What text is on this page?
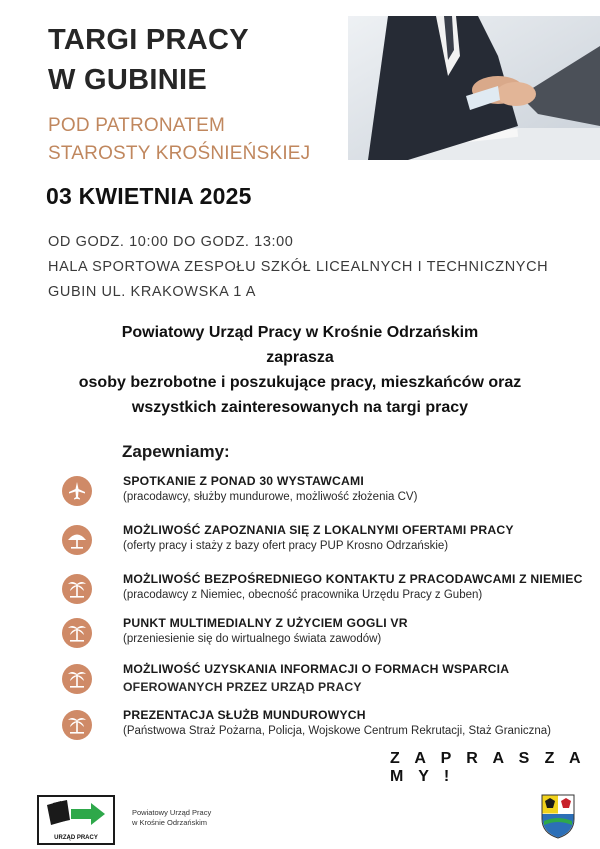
TARGI PRACY
W GUBINIE
POD PATRONATEM
STAROSTY KROŚNIEŃSKIEJ
03 KWIETNIA 2025
OD GODZ. 10:00 DO GODZ. 13:00
HALA SPORTOWA ZESPOŁU SZKÓŁ LICEALNYCH I TECHNICZNYCH
GUBIN UL. KRAKOWSKA 1 A
Powiatowy Urząd Pracy w Krośnie Odrzańskim
zaprasza
osoby bezrobotne i poszukujące pracy, mieszkańców oraz
wszystkich zainteresowanych na targi pracy
Zapewniamy:
SPOTKANIE Z PONAD 30 WYSTAWCAMI
(pracodawcy, służby mundurowe, możliwość złożenia CV)
MOŻLIWOŚĆ ZAPOZNANIA SIĘ Z LOKALNYMI OFERTAMI PRACY
(oferty pracy i staży z bazy ofert pracy PUP Krosno Odrzańskie)
MOŻLIWOŚĆ BEZPOŚREDNIEGO KONTAKTU Z PRACODAWCAMI Z NIEMIEC
(pracodawcy z Niemiec, obecność pracownika Urzędu Pracy z Guben)
PUNKT MULTIMEDIALNY Z UŻYCIEM GOGLI VR
(przeniesienie się do wirtualnego świata zawodów)
MOŻLIWOŚĆ UZYSKANIA INFORMACJI O FORMACH WSPARCIA
OFEROWANYCH PRZEZ URZĄD PRACY
PREZENTACJA SŁUŻB MUNDUROWYCH
(Państwowa Straż Pożarna, Policja, Wojskowe Centrum Rekrutacji, Staż Graniczna)
Z A P R A S Z A M Y !
URZĄD PRACY
Powiatowy Urząd Pracy
w Krośnie Odrzańskim
